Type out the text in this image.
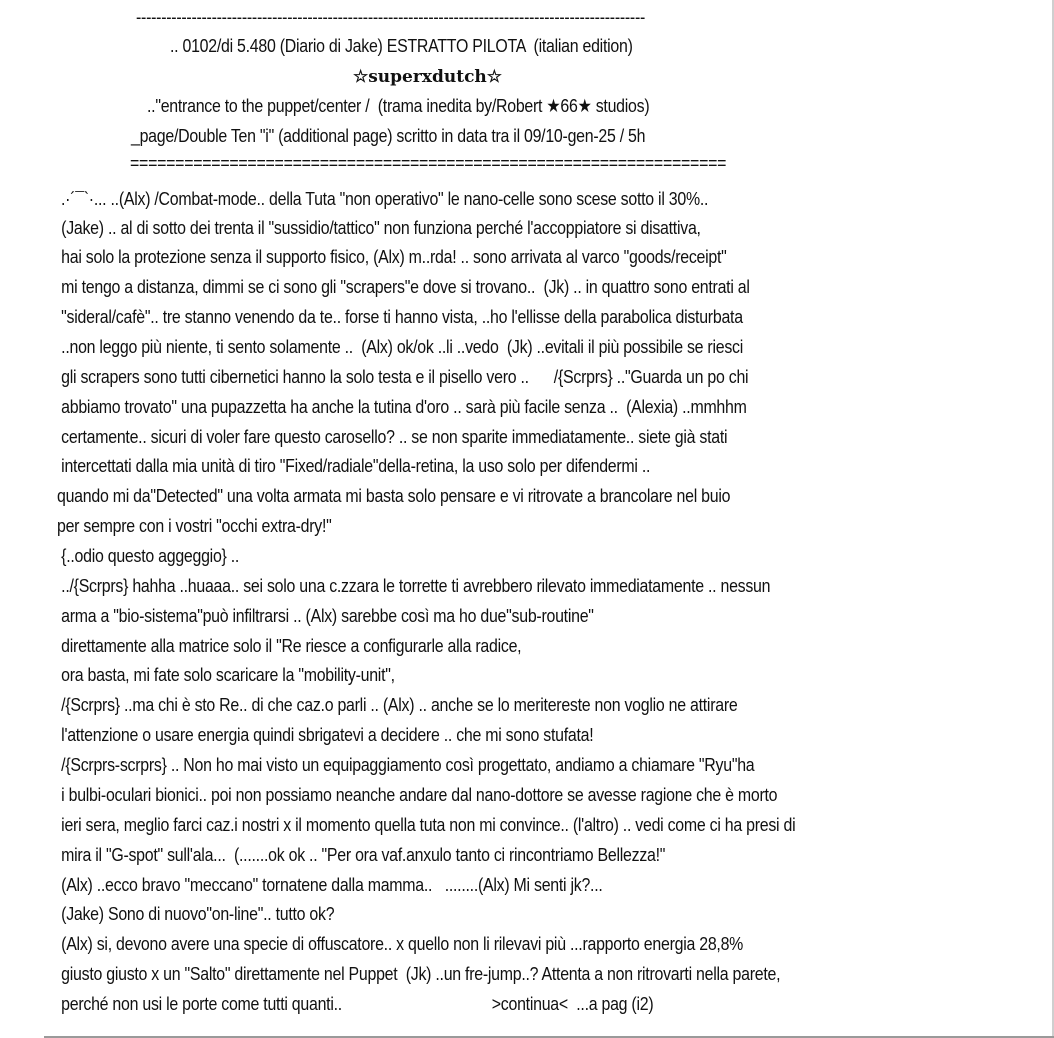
-----------------------------------------------------------------------------------------------------
.. 0102/di 5.480 (Diario di Jake) ESTRATTO PILOTA  (italian edition)
☆superxdutch☆
.."entrance to the puppet/center /  (trama inedita by/Robert ★66★ studios)
_page/Double Ten "i" (additional page) scritto in data tra il 09/10-gen-25 / 5h
==================================================================
.·´¯`·... ..(Alx) /Combat-mode.. della Tuta "non operativo" le nano-celle sono scese sotto il 30%..
(Jake) .. al di sotto dei trenta il "sussidio/tattico" non funziona perché l'accoppiatore si disattiva,
hai solo la protezione senza il supporto fisico, (Alx) m..rda! .. sono arrivata al varco "goods/receipt"
mi tengo a distanza, dimmi se ci sono gli "scrapers"e dove si trovano..  (Jk) .. in quattro sono entrati al
"sideral/cafè".. tre stanno venendo da te.. forse ti hanno vista, ..ho l'ellisse della parabolica disturbata
..non leggo più niente, ti sento solamente ..  (Alx) ok/ok ..li ..vedo  (Jk) ..evitali il più possibile se riesci
gli scrapers sono tutti cibernetici hanno la solo testa e il pisello vero ..      /{Scrprs} .."Guarda un po chi
abbiamo trovato" una pupazzetta ha anche la tutina d'oro .. sarà più facile senza ..  (Alexia) ..mmhhm
certamente.. sicuri di voler fare questo carosello? .. se non sparite immediatamente.. siete già stati
intercettati dalla mia unità di tiro "Fixed/radiale"della-retina, la uso solo per difendermi ..
quando mi da"Detected" una volta armata mi basta solo pensare e vi ritrovate a brancolare nel buio
per sempre con i vostri "occhi extra-dry!"
{..odio questo aggeggio} ..
../{Scrprs} hahha ..huaaa.. sei solo una c.zzara le torrette ti avrebbero rilevato immediatamente .. nessun
arma a "bio-sistema"può infiltrarsi .. (Alx) sarebbe così ma ho due"sub-routine"
direttamente alla matrice solo il "Re riesce a configurarle alla radice,
ora basta, mi fate solo scaricare la "mobility-unit",
/{Scrprs} ..ma chi è sto Re.. di che caz.o parli .. (Alx) .. anche se lo meritereste non voglio ne attirare
l'attenzione o usare energia quindi sbrigatevi a decidere .. che mi sono stufata!
/{Scrprs-scrprs} .. Non ho mai visto un equipaggiamento così progettato, andiamo a chiamare "Ryu"ha
i bulbi-oculari bionici.. poi non possiamo neanche andare dal nano-dottore se avesse ragione che è morto
ieri sera, meglio farci caz.i nostri x il momento quella tuta non mi convince.. (l'altro) .. vedi come ci ha presi di
mira il "G-spot" sull'ala...  (.......ok ok .. "Per ora vaf.anxulo tanto ci rincontriamo Bellezza!"
(Alx) ..ecco bravo "meccano" tornatene dalla mamma..   ........(Alx) Mi senti jk?...
(Jake) Sono di nuovo"on-line".. tutto ok?
(Alx) si, devono avere una specie di offuscatore.. x quello non li rilevavi più ...rapporto energia 28,8%
giusto giusto x un "Salto" direttamente nel Puppet  (Jk) ..un fre-jump..? Attenta a non ritrovarti nella parete,
perché non usi le porte come tutti quanti..                                    >continua<  ...a pag (i2)
